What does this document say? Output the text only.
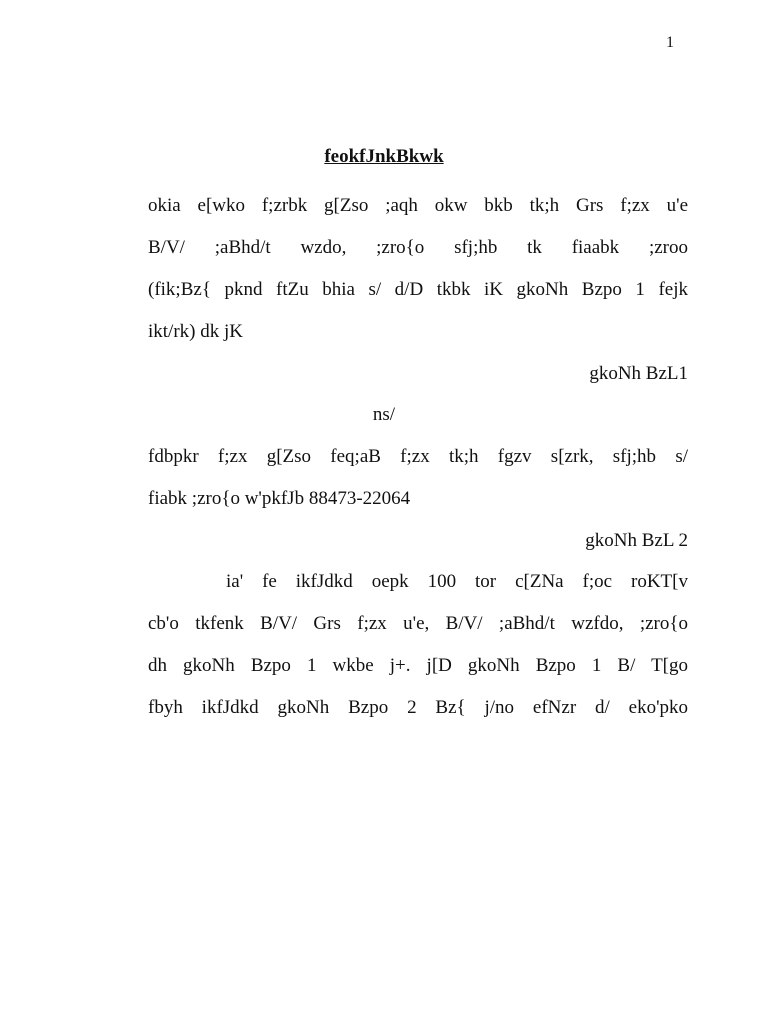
1
feokfJnkBkwk
okia e[wko f;zrbk g[Zso ;aqh okw bkb tk;h Grs f;zx u'e
B/V/ ;aBhd/t wzdo, ;zro{o sfj;hb tk fiaabk ;zroo
(fik;Bz{ pknd ftZu bhia s/ d/D tkbk iK gkoNh Bzpo 1 fejk
ikt/rk) dk jK
gkoNh BzL1
ns/
fdbpkr f;zx g[Zso feq;aB f;zx tk;h fgzv s[zrk, sfj;hb s/
fiabk ;zro{o w'pkfJb 88473-22064
gkoNh BzL 2
ia' fe ikfJdkd oepk 100 tor c[ZNa f;oc roKT[v
cb'o tkfenk B/V/ Grs f;zx u'e, B/V/ ;aBhd/t wzfdo, ;zro{o
dh gkoNh Bzpo 1 wkbe j+. j[D gkoNh Bzpo 1 B/ T[go
fbyh ikfJdkd gkoNh Bzpo 2 Bz{ j/no efNzr d/ eko'pko
